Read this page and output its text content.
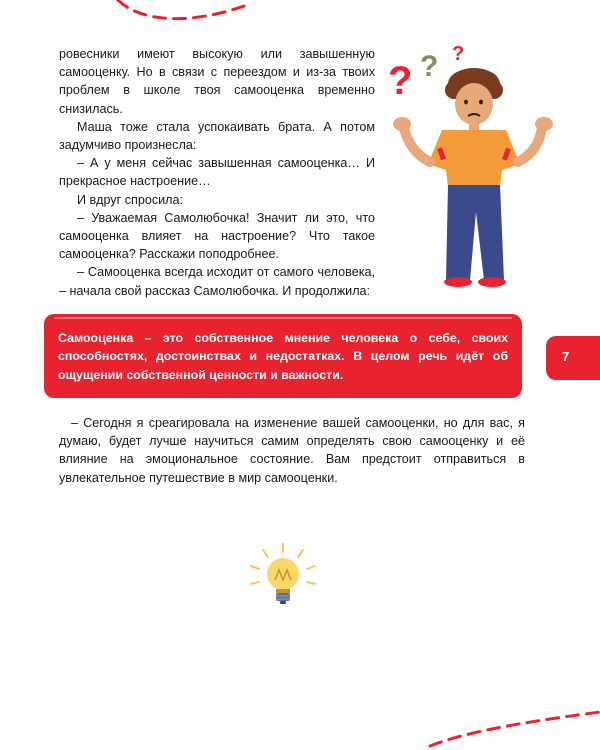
ровесники имеют высокую или завышенную самооценку. Но в связи с переездом и из-за твоих проблем в школе твоя самооценка временно снизилась.

Маша тоже стала успокаивать брата. А потом задумчиво произнесла:

– А у меня сейчас завышенная самооценка… И прекрасное настроение…

И вдруг спросила:

– Уважаемая Самолюбочка! Значит ли это, что самооценка влияет на настроение? Что такое самооценка? Расскажи поподробнее.

– Самооценка всегда исходит от самого человека, – начала свой рассказ Самолюбочка. И продолжила:

? ? ?
Самооценка – это собственное мнение человека о себе, своих способностях, достоинствах и недостатках. В целом речь идёт об ощущении собственной ценности и важности.
7

– Сегодня я среагировала на изменение вашей самооценки, но для вас, я думаю, будет лучше научиться самим определять свою самооценку и её влияние на эмоциональное состояние. Вам предстоит отправиться в увлекательное путешествие в мир самооценки.
